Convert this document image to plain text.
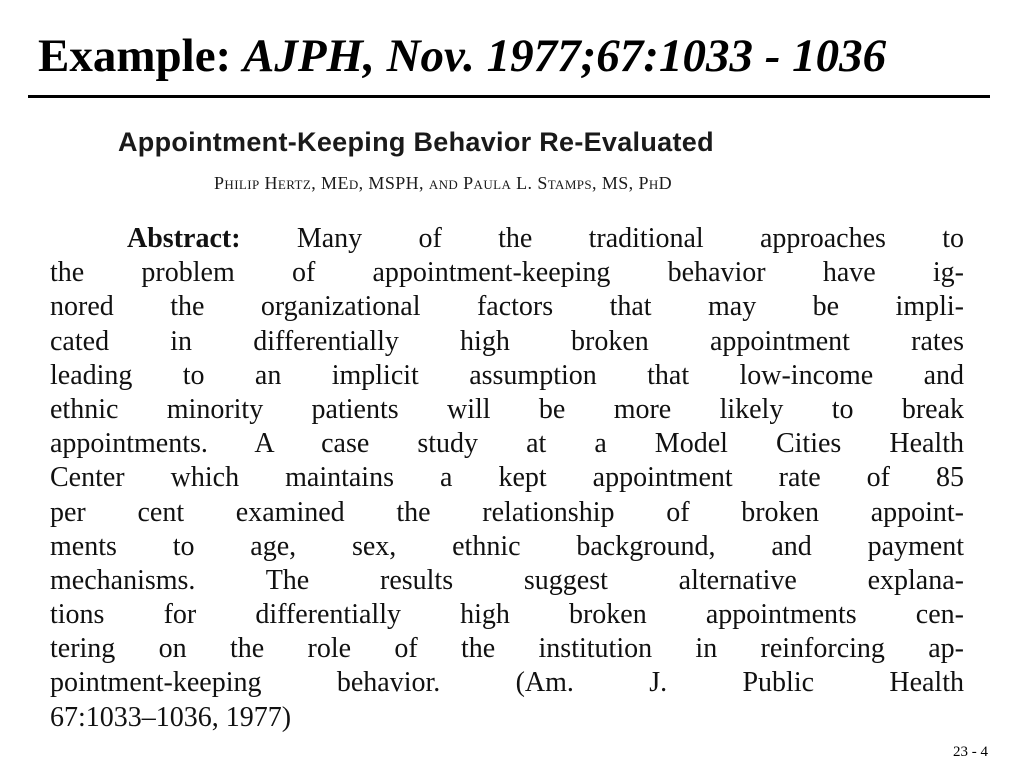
Example: AJPH, Nov. 1977;67:1033 - 1036
Appointment-Keeping Behavior Re-Evaluated
Philip Hertz, MEd, MSPH, and Paula L. Stamps, MS, PhD
Abstract: Many of the traditional approaches to
the problem of appointment-keeping behavior have ig-
nored the organizational factors that may be impli-
cated in differentially high broken appointment rates
leading to an implicit assumption that low-income and
ethnic minority patients will be more likely to break
appointments. A case study at a Model Cities Health
Center which maintains a kept appointment rate of 85
per cent examined the relationship of broken appoint-
ments to age, sex, ethnic background, and payment
mechanisms. The results suggest alternative explana-
tions for differentially high broken appointments cen-
tering on the role of the institution in reinforcing ap-
pointment-keeping behavior. (Am. J. Public Health
67:1033–1036, 1977)
23 - 4
